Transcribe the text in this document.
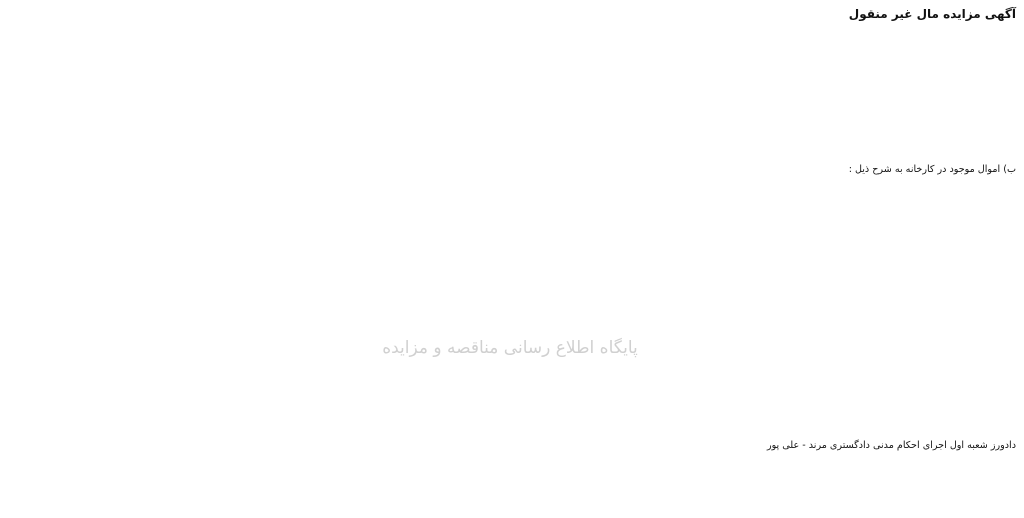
آگهی مزایده مال غیر منقول

ب) اموال موجود در کارخانه به شرح ذیل :

دادورز شعبه اول اجرای احکام مدنی دادگستری مرند - علی پور

پایگاه اطلاع رسانی مناقصه و مزایده
